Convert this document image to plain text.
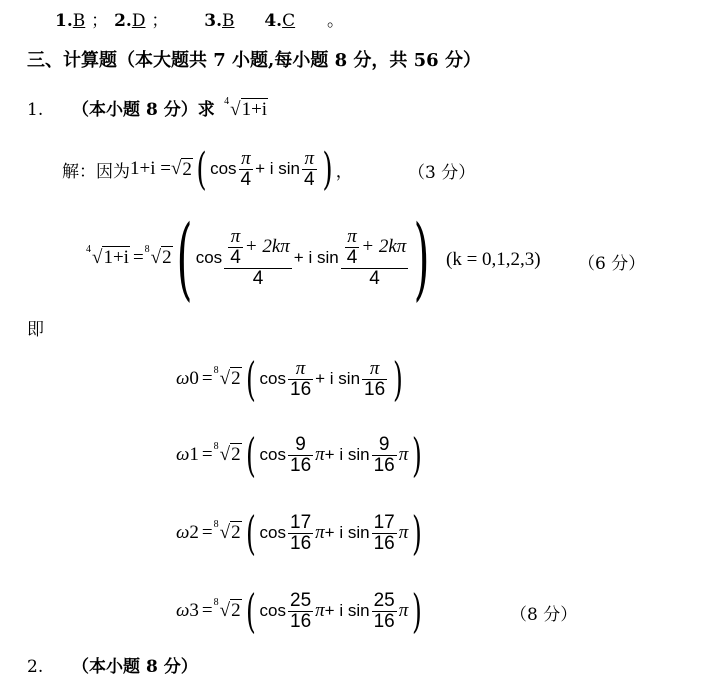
1.B ； 2.D ； 3.B 4.C 。
三、计算题（本大题共 7 小题,每小题 8 分，共 56 分）
1. （本小题 8 分）求 4 √1+i
解：因为 1+i = √ 2 ( $\cos \frac{\pi}{4} + i$ $\sin \frac{\pi}{4}$ ) ，	（3 分）
4 √1+i = 8 √2 ( $\cos \frac{\frac{\pi}{4} + 2k\pi}{4} + i$ $\sin \frac{\frac{\pi}{4} + 2k\pi}{4}$ ) (k = 0,1,2,3) （6 分）
即
ω 0 = 8 √2 ( $\cos \frac{\pi}{16} + i$ $\sin \frac{\pi}{16}$ )
ω 1 = 8 √2 ( $\cos \frac{9}{16}$ π + i $\sin \frac{9}{16}$ π )
ω 2 = 8 √2 ( $\cos \frac{17}{16}$ π + i $\sin \frac{17}{16}$ π )
ω 3 = 8 √2 ( $\cos \frac{25}{16}$ π + i $\sin \frac{25}{16}$ π )	（8 分）
2. （本小题 8 分）
